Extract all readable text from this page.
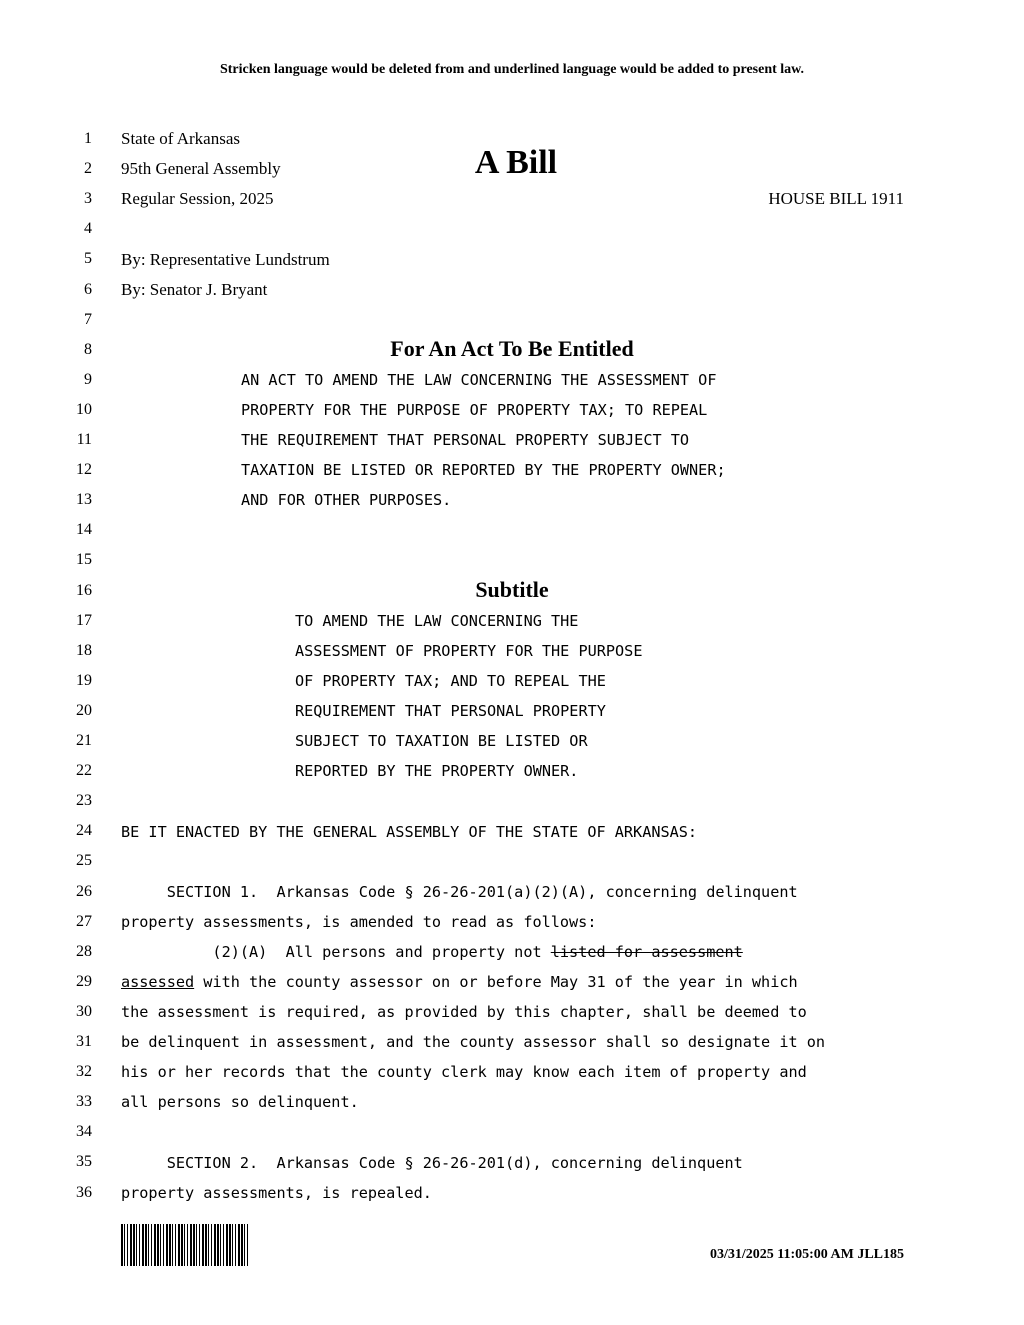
Stricken language would be deleted from and underlined language would be added to present law.
1
2
3
4
5
6
7
8
9
10
11
12
13
14
15
16
17
18
19
20
21
22
23
24
25
26
27
28
29
30
31
32
33
34
35
36
State of Arkansas
95th General Assembly
Regular Session, 2025
A Bill
HOUSE BILL 1911
By: Representative Lundstrum
By: Senator J. Bryant
For An Act To Be Entitled
AN ACT TO AMEND THE LAW CONCERNING THE ASSESSMENT OF
PROPERTY FOR THE PURPOSE OF PROPERTY TAX; TO REPEAL
THE REQUIREMENT THAT PERSONAL PROPERTY SUBJECT TO
TAXATION BE LISTED OR REPORTED BY THE PROPERTY OWNER;
AND FOR OTHER PURPOSES.
Subtitle
TO AMEND THE LAW CONCERNING THE
ASSESSMENT OF PROPERTY FOR THE PURPOSE
OF PROPERTY TAX; AND TO REPEAL THE
REQUIREMENT THAT PERSONAL PROPERTY
SUBJECT TO TAXATION BE LISTED OR
REPORTED BY THE PROPERTY OWNER.
BE IT ENACTED BY THE GENERAL ASSEMBLY OF THE STATE OF ARKANSAS:
SECTION 1.  Arkansas Code § 26-26-201(a)(2)(A), concerning delinquent
property assessments, is amended to read as follows:
(2)(A)  All persons and property not listed for assessment
assessed with the county assessor on or before May 31 of the year in which
the assessment is required, as provided by this chapter, shall be deemed to
be delinquent in assessment, and the county assessor shall so designate it on
his or her records that the county clerk may know each item of property and
all persons so delinquent.
SECTION 2.  Arkansas Code § 26-26-201(d), concerning delinquent
property assessments, is repealed.
03/31/2025 11:05:00 AM JLL185
